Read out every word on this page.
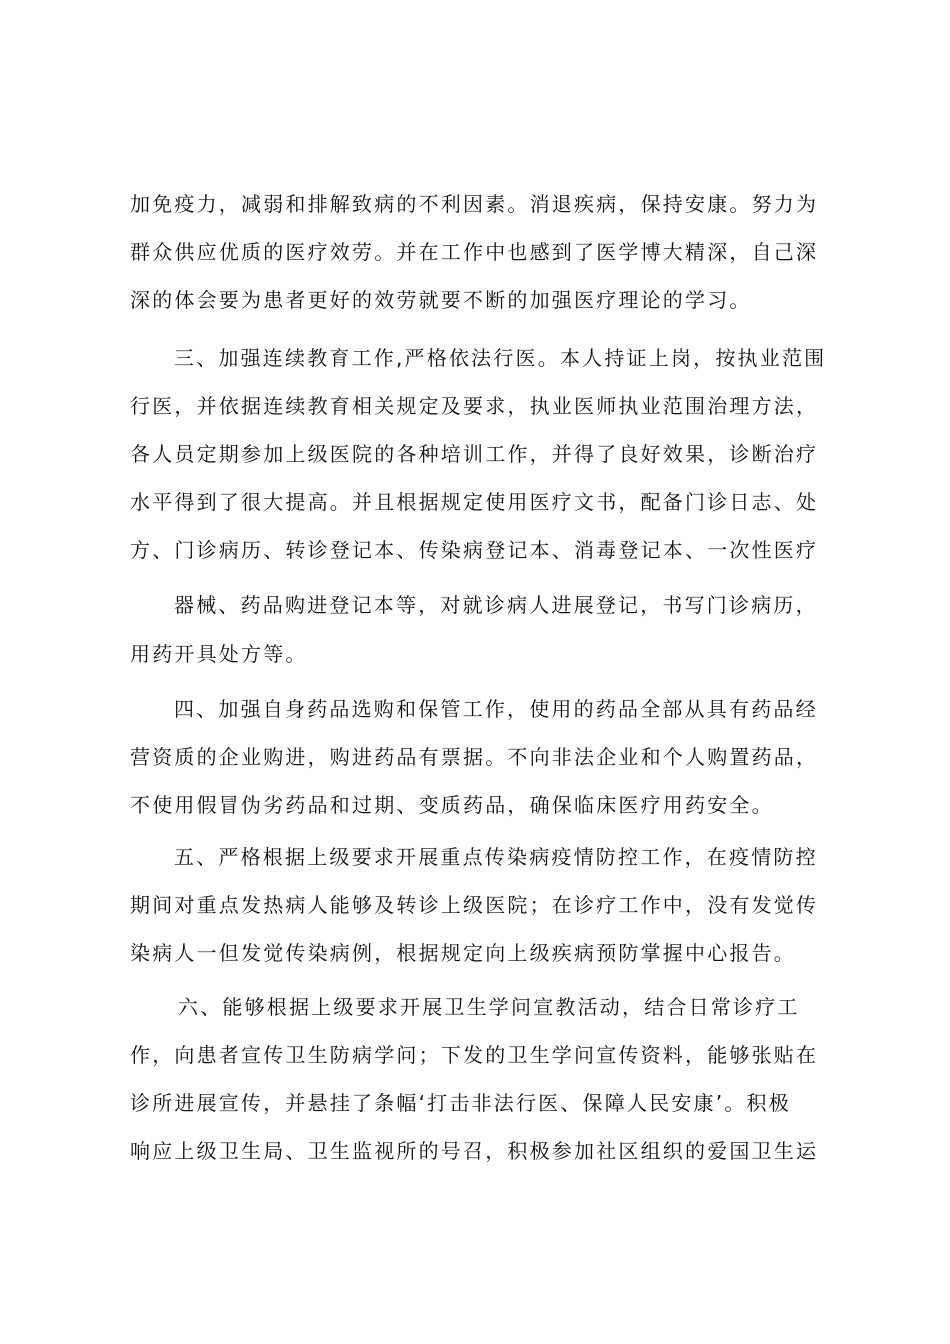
加免疫力，减弱和排解致病的不利因素。消退疾病，保持安康。努力为

群众供应优质的医疗效劳。并在工作中也感到了医学博大精深，自己深

深的体会要为患者更好的效劳就要不断的加强医疗理论的学习。

三、加强连续教育工作,严格依法行医。本人持证上岗，按执业范围

行医，并依据连续教育相关规定及要求，执业医师执业范围治理方法，

各人员定期参加上级医院的各种培训工作，并得了良好效果，诊断治疗

水平得到了很大提高。并且根据规定使用医疗文书，配备门诊日志、处

方、门诊病历、转诊登记本、传染病登记本、消毒登记本、一次性医疗

器械、药品购进登记本等，对就诊病人进展登记，书写门诊病历，

用药开具处方等。

四、加强自身药品选购和保管工作，使用的药品全部从具有药品经

营资质的企业购进，购进药品有票据。不向非法企业和个人购置药品，

不使用假冒伪劣药品和过期、变质药品，确保临床医疗用药安全。

五、严格根据上级要求开展重点传染病疫情防控工作，在疫情防控

期间对重点发热病人能够及转诊上级医院；在诊疗工作中，没有发觉传

染病人一但发觉传染病例，根据规定向上级疾病预防掌握中心报告。

六、能够根据上级要求开展卫生学问宣教活动，结合日常诊疗工

作，向患者宣传卫生防病学问；下发的卫生学问宣传资料，能够张贴在

诊所进展宣传，并悬挂了条幅‘打击非法行医、保障人民安康’。积极

响应上级卫生局、卫生监视所的号召，积极参加社区组织的爱国卫生运
